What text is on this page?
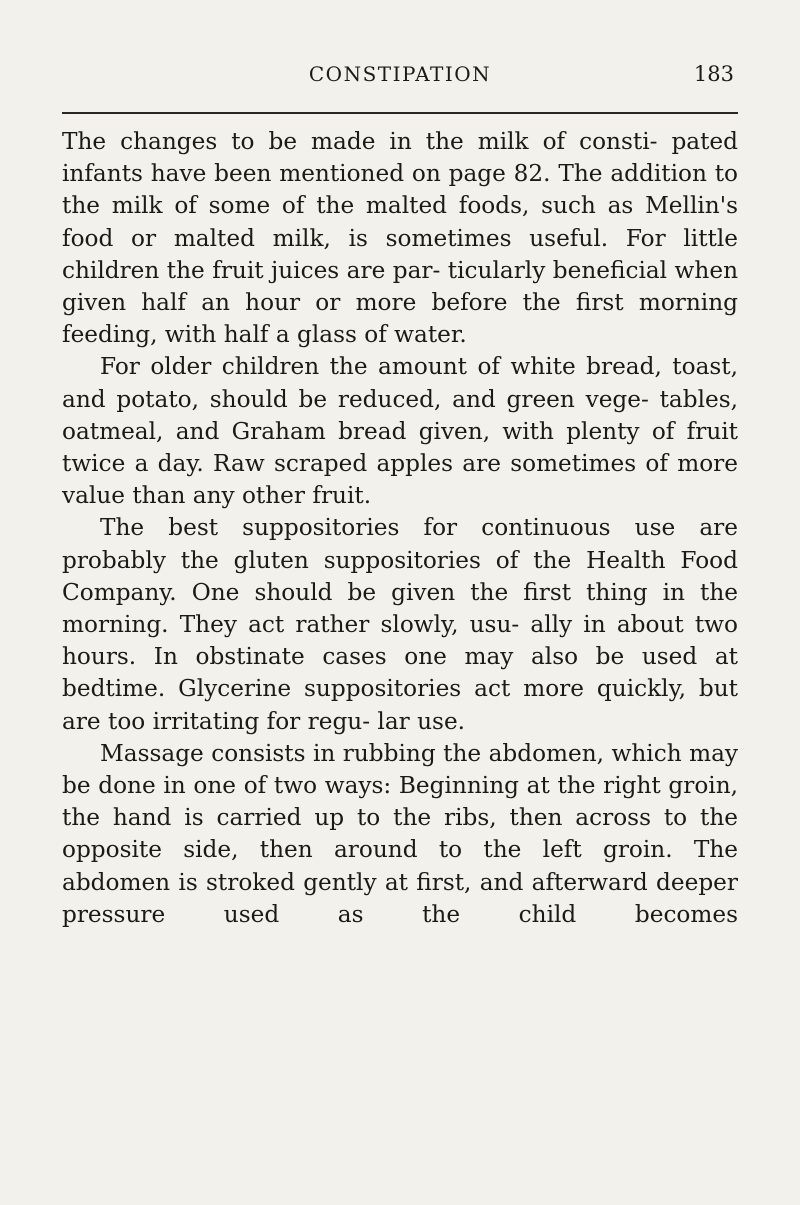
CONSTIPATION	183

The changes to be made in the milk of consti- pated infants have been mentioned on page 82. The addition to the milk of some of the malted foods, such as Mellin's food or malted milk, is sometimes useful. For little children the fruit juices are par- ticularly beneficial when given half an hour or more before the first morning feeding, with half a glass of water.

For older children the amount of white bread, toast, and potato, should be reduced, and green vege- tables, oatmeal, and Graham bread given, with plenty of fruit twice a day. Raw scraped apples are sometimes of more value than any other fruit.

The best suppositories for continuous use are probably the gluten suppositories of the Health Food Company. One should be given the first thing in the morning. They act rather slowly, usu- ally in about two hours. In obstinate cases one may also be used at bedtime. Glycerine suppositories act more quickly, but are too irritating for regu- lar use.

Massage consists in rubbing the abdomen, which may be done in one of two ways: Beginning at the right groin, the hand is carried up to the ribs, then across to the opposite side, then around to the left groin. The abdomen is stroked gently at first, and afterward deeper pressure used as the child becomes
